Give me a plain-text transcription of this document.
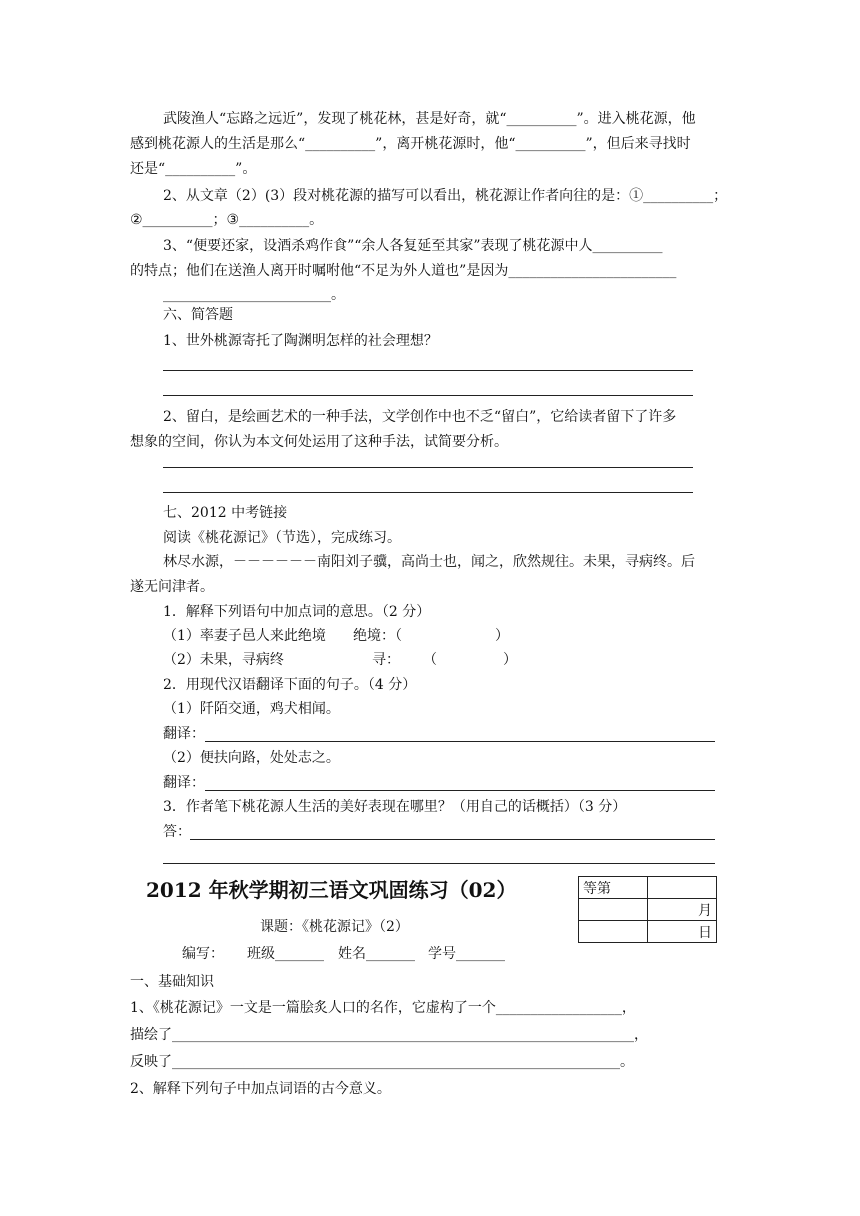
武陵渔人“忘路之远近”，发现了桃花林，甚是好奇，就“__________”。进入桃花源，他
感到桃花源人的生活是那么“__________”，离开桃花源时，他“__________”，但后来寻找时
还是“__________”。
2、从文章（2）(3）段对桃花源的描写可以看出，桃花源让作者向往的是：①__________；
②__________；③__________。
3、“便要还家，设酒杀鸡作食”“余人各复延至其家”表现了桃花源中人__________
的特点；他们在送渔人离开时嘱咐他“不足为外人道也”是因为________________________
________________________。
六、简答题
1、世外桃源寄托了陶渊明怎样的社会理想？
2、留白，是绘画艺术的一种手法，文学创作中也不乏“留白”，它给读者留下了许多
想象的空间，你认为本文何处运用了这种手法，试简要分析。
七、2012 中考链接
阅读《桃花源记》（节选），完成练习。
林尽水源，－－－－－－南阳刘子骥，高尚士也，闻之，欣然规往。未果，寻病终。后
遂无问津者。
1．解释下列语句中加点词的意思。（2 分）
（1）率妻子邑人来此绝境 绝境：（	）
（2）未果，寻病终	寻： （	）
2．用现代汉语翻译下面的句子。（4 分）
（1）阡陌交通，鸡犬相闻。
翻译：
（2）便扶向路，处处志之。
翻译：
3．作者笔下桃花源人生活的美好表现在哪里？（用自己的话概括）（3 分）
答：
2012 年秋学期初三语文巩固练习（02）	等第	
	月
	日
课题：《桃花源记》（2）
编写： 班级_______ 姓名_______ 学号_______
一、基础知识
1、《桃花源记》一文是一篇脍炙人口的名作，它虚构了一个__________________，
描绘了__________________________________________________________________，
反映了________________________________________________________________。
2、解释下列句子中加点词语的古今意义。
